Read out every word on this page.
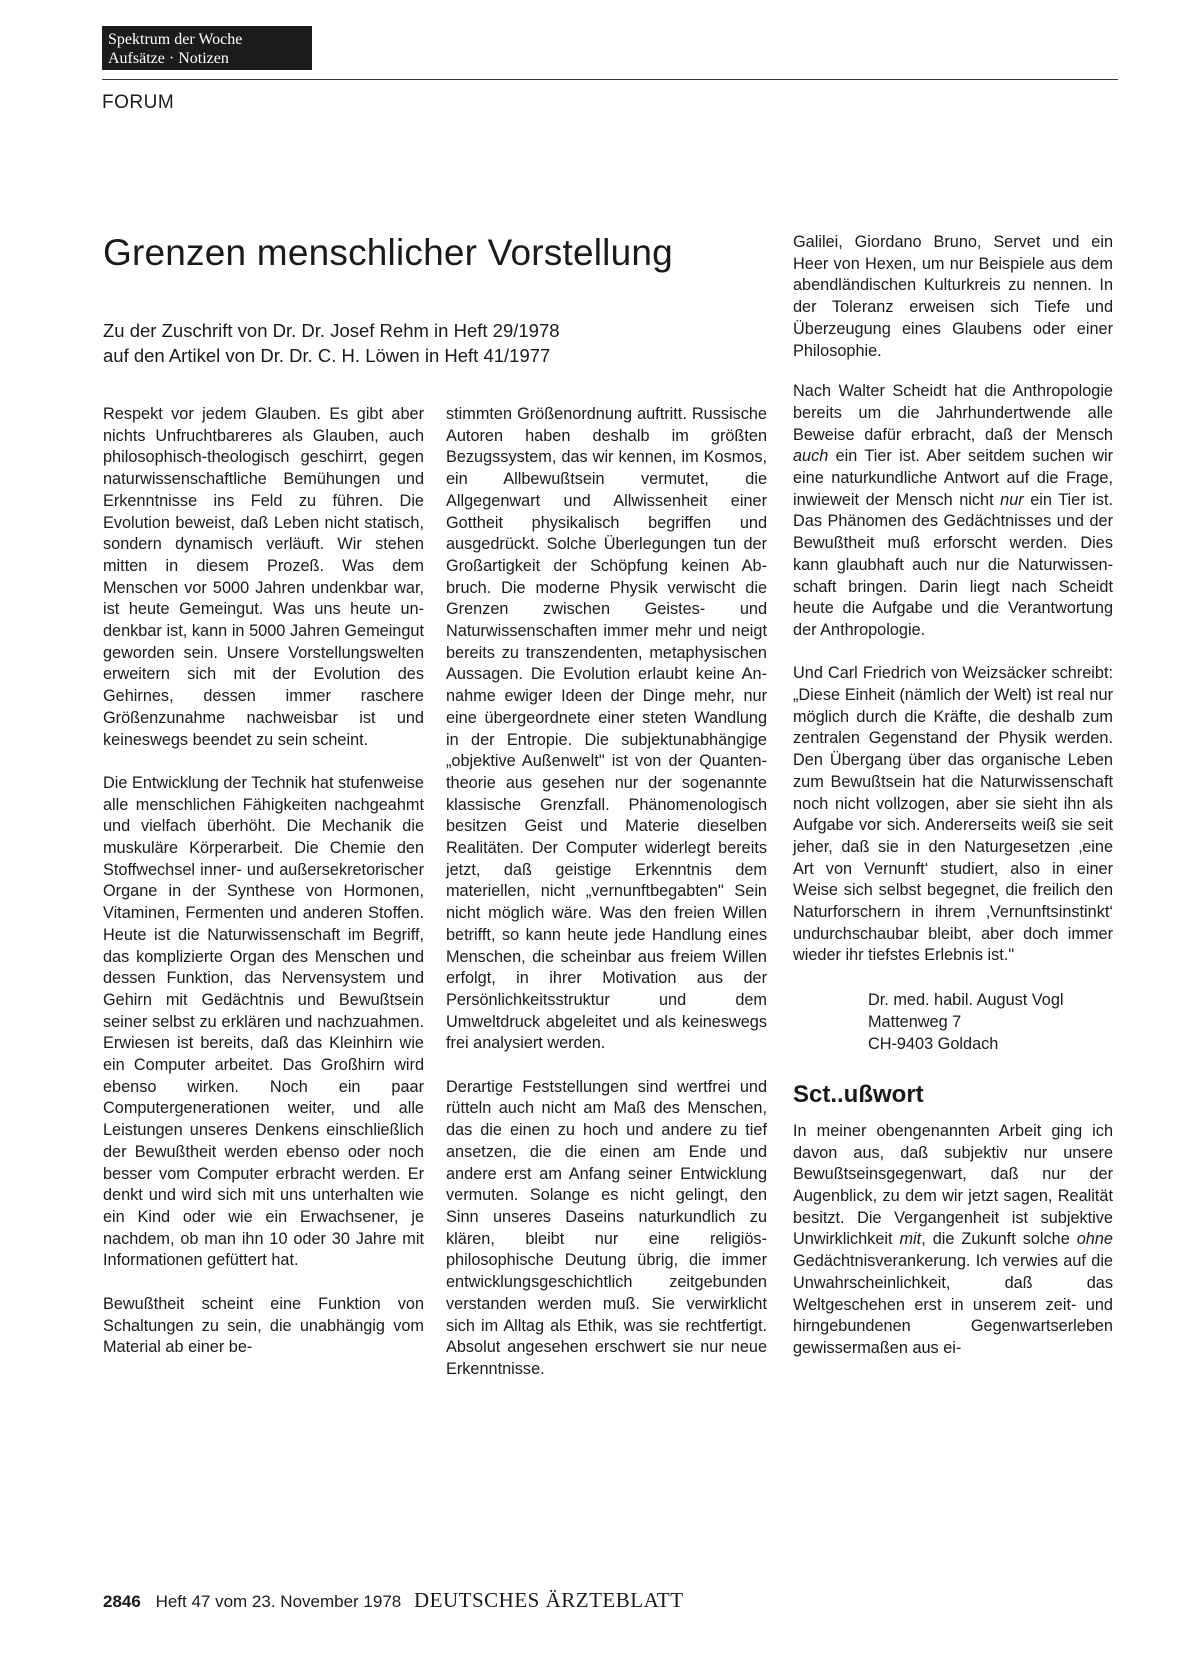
Spektrum der Woche
Aufsätze · Notizen
FORUM
Grenzen menschlicher Vorstellung
Zu der Zuschrift von Dr. Dr. Josef Rehm in Heft 29/1978
auf den Artikel von Dr. Dr. C. H. Löwen in Heft 41/1977

Respekt vor jedem Glauben. Es gibt aber nichts Unfruchtbareres als Glauben, auch philosophisch-theologisch geschirrt, gegen naturwissenschaftliche Bemühungen und Erkenntnisse ins Feld zu führen. Die Evolution beweist, daß Leben nicht statisch, sondern dynamisch verläuft. Wir stehen mitten in diesem Prozeß. Was dem Menschen vor 5000 Jahren undenkbar war, ist heute Gemeingut. Was uns heute undenkbar ist, kann in 5000 Jahren Gemeingut geworden sein. Unsere Vorstellungswelten erweitern sich mit der Evolution des Gehirnes, dessen immer raschere Größenzunahme nachweisbar ist und keineswegs beendet zu sein scheint.

Die Entwicklung der Technik hat stufenweise alle menschlichen Fähigkeiten nachgeahmt und vielfach überhöht. Die Mechanik die muskuläre Körperarbeit. Die Chemie den Stoffwechsel inner- und außersekretorischer Organe in der Synthese von Hormonen, Vitaminen, Fermenten und anderen Stoffen. Heute ist die Naturwissenschaft im Begriff, das komplizierte Organ des Menschen und dessen Funktion, das Nervensystem und Gehirn mit Gedächtnis und Bewußtsein seiner selbst zu erklären und nachzuahmen. Erwiesen ist bereits, daß das Kleinhirn wie ein Computer arbeitet. Das Großhirn wird ebenso wirken. Noch ein paar Computergenerationen weiter, und alle Leistungen unseres Denkens einschließlich der Bewußtheit werden ebenso oder noch besser vom Computer erbracht werden. Er denkt und wird sich mit uns unterhalten wie ein Kind oder wie ein Erwachsener, je nachdem, ob man ihn 10 oder 30 Jahre mit Informationen gefüttert hat.

Bewußtheit scheint eine Funktion von Schaltungen zu sein, die unabhängig vom Material ab einer be-

stimmten Größenordnung auftritt. Russische Autoren haben deshalb im größten Bezugssystem, das wir kennen, im Kosmos, ein Allbewußtsein vermutet, die Allgegenwart und Allwissenheit einer Gottheit physikalisch begriffen und ausgedrückt. Solche Überlegungen tun der Großartigkeit der Schöpfung keinen Abbruch. Die moderne Physik verwischt die Grenzen zwischen Geistes- und Naturwissenschaften immer mehr und neigt bereits zu transzendenten, metaphysischen Aussagen. Die Evolution erlaubt keine Annahme ewiger Ideen der Dinge mehr, nur eine übergeordnete einer steten Wandlung in der Entropie. Die subjektunabhängige „objektive Außenwelt" ist von der Quantentheorie aus gesehen nur der sogenannte klassische Grenzfall. Phänomenologisch besitzen Geist und Materie dieselben Realitäten. Der Computer widerlegt bereits jetzt, daß geistige Erkenntnis dem materiellen, nicht „vernunftbegabten" Sein nicht möglich wäre. Was den freien Willen betrifft, so kann heute jede Handlung eines Menschen, die scheinbar aus freiem Willen erfolgt, in ihrer Motivation aus der Persönlichkeitsstruktur und dem Umweltdruck abgeleitet und als keineswegs frei analysiert werden.

Derartige Feststellungen sind wertfrei und rütteln auch nicht am Maß des Menschen, das die einen zu hoch und andere zu tief ansetzen, die die einen am Ende und andere erst am Anfang seiner Entwicklung vermuten. Solange es nicht gelingt, den Sinn unseres Daseins naturkundlich zu klären, bleibt nur eine religiös-philosophische Deutung übrig, die immer entwicklungsgeschichtlich zeitgebunden verstanden werden muß. Sie verwirklicht sich im Alltag als Ethik, was sie rechtfertigt. Absolut angesehen erschwert sie nur neue Erkenntnisse.

Galilei, Giordano Bruno, Servet und ein Heer von Hexen, um nur Beispiele aus dem abendländischen Kulturkreis zu nennen. In der Toleranz erweisen sich Tiefe und Überzeugung eines Glaubens oder einer Philosophie.

Nach Walter Scheidt hat die Anthropologie bereits um die Jahrhundertwende alle Beweise dafür erbracht, daß der Mensch auch ein Tier ist. Aber seitdem suchen wir eine naturkundliche Antwort auf die Frage, inwieweit der Mensch nicht nur ein Tier ist. Das Phänomen des Gedächtnisses und der Bewußtheit muß erforscht werden. Dies kann glaubhaft auch nur die Naturwissenschaft bringen. Darin liegt nach Scheidt heute die Aufgabe und die Verantwortung der Anthropologie.

Und Carl Friedrich von Weizsäcker schreibt: „Diese Einheit (nämlich der Welt) ist real nur möglich durch die Kräfte, die deshalb zum zentralen Gegenstand der Physik werden. Den Übergang über das organische Leben zum Bewußtsein hat die Naturwissenschaft noch nicht vollzogen, aber sie sieht ihn als Aufgabe vor sich. Andererseits weiß sie seit jeher, daß sie in den Naturgesetzen ‚eine Art von Vernunft‘ studiert, also in einer Weise sich selbst begegnet, die freilich den Naturforschern in ihrem ‚Vernunftsinstinkt‘ undurchschaubar bleibt, aber doch immer wieder ihr tiefstes Erlebnis ist."

Dr. med. habil. August Vogl
Mattenweg 7
CH-9403 Goldach
Sct..ußwort

In meiner obengenannten Arbeit ging ich davon aus, daß subjektiv nur unsere Bewußtseinsgegenwart, daß nur der Augenblick, zu dem wir jetzt sagen, Realität besitzt. Die Vergangenheit ist subjektive Unwirklichkeit mit, die Zukunft solche ohne Gedächtnisverankerung. Ich verwies auf die Unwahrscheinlichkeit, daß das Weltgeschehen erst in unserem zeit- und hirngebundenen Gegenwartserleben gewissermaßen aus ei-

2846 Heft 47 vom 23. November 1978 DEUTSCHES ÄRZTEBLATT
